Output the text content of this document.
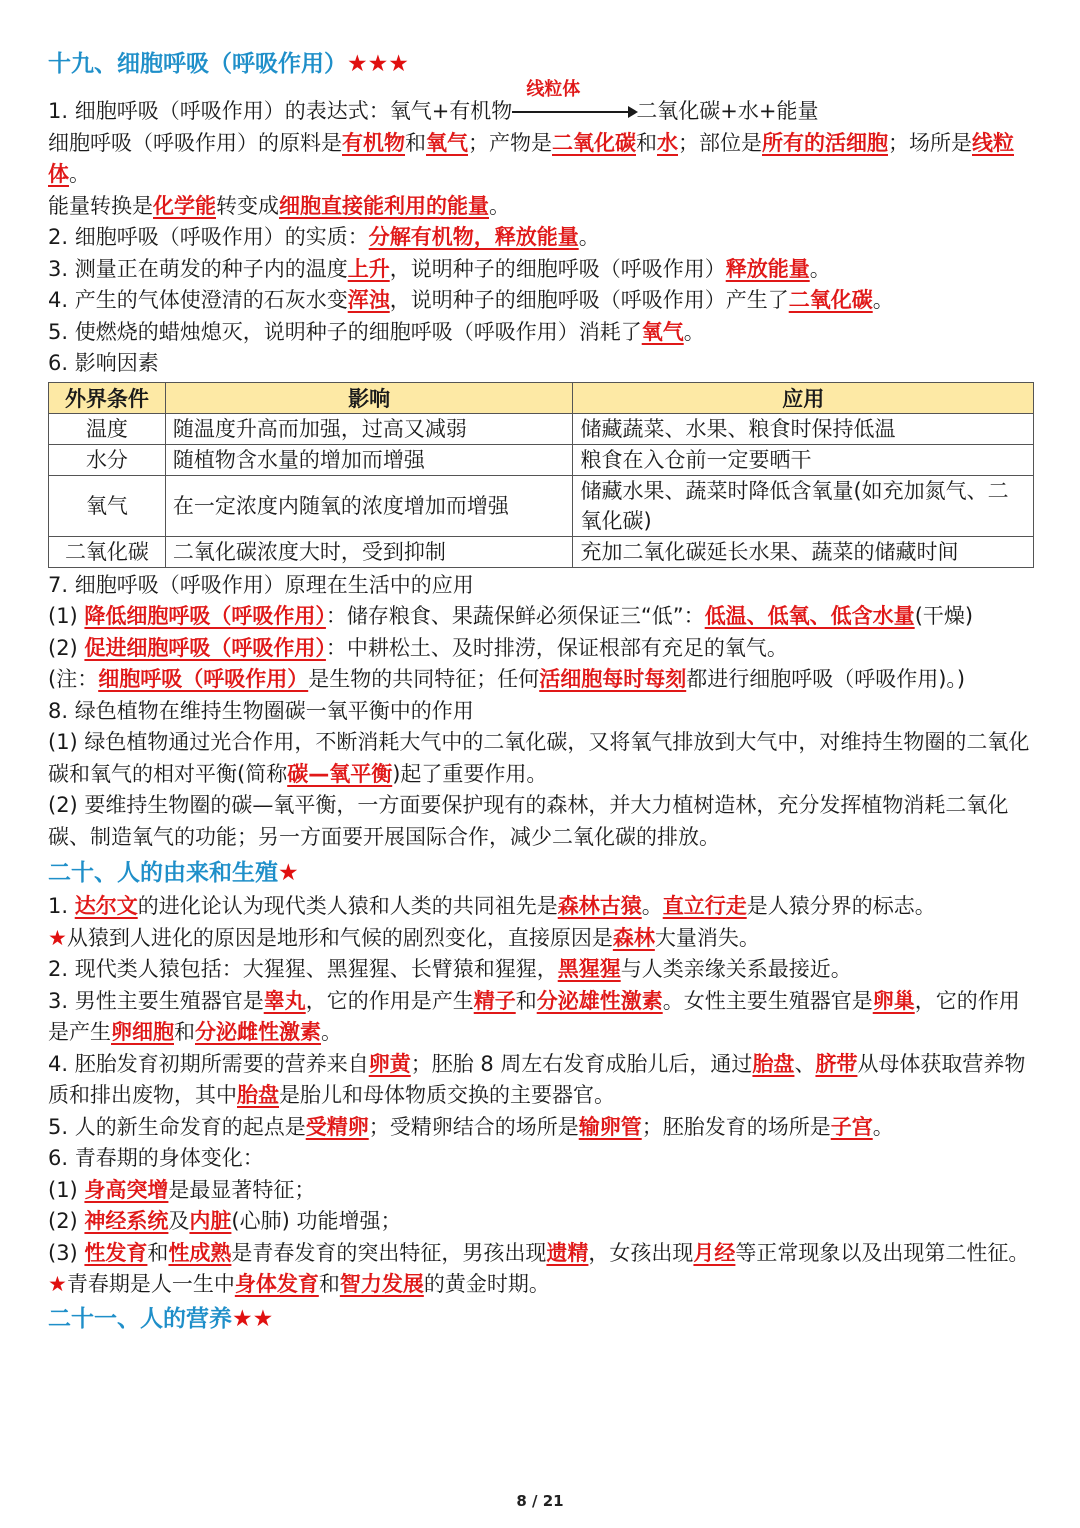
十九、细胞呼吸（呼吸作用）★★★
1. 细胞呼吸（呼吸作用）的表达式：氧气+有机物
线粒体
二氧化碳+水+能量
细胞呼吸（呼吸作用）的原料是有机物和氧气；产物是二氧化碳和水；部位是所有的活细胞；场所是线粒体。
能量转换是化学能转变成细胞直接能利用的能量。
2. 细胞呼吸（呼吸作用）的实质：分解有机物，释放能量。
3. 测量正在萌发的种子内的温度上升，说明种子的细胞呼吸（呼吸作用）释放能量。
4. 产生的气体使澄清的石灰水变浑浊，说明种子的细胞呼吸（呼吸作用）产生了二氧化碳。
5. 使燃烧的蜡烛熄灭，说明种子的细胞呼吸（呼吸作用）消耗了氧气。
6. 影响因素
外界条件	影响	应用
温度	随温度升高而加强，过高又减弱	储藏蔬菜、水果、粮食时保持低温
水分	随植物含水量的增加而增强	粮食在入仓前一定要晒干
氧气	在一定浓度内随氧的浓度增加而增强	储藏水果、蔬菜时降低含氧量(如充加氮气、二氧化碳)
二氧化碳	二氧化碳浓度大时，受到抑制	充加二氧化碳延长水果、蔬菜的储藏时间
7. 细胞呼吸（呼吸作用）原理在生活中的应用
(1) 降低细胞呼吸（呼吸作用）：储存粮食、果蔬保鲜必须保证三“低”：低温、低氧、低含水量(干燥)
(2) 促进细胞呼吸（呼吸作用）：中耕松土、及时排涝，保证根部有充足的氧气。
(注：细胞呼吸（呼吸作用）是生物的共同特征；任何活细胞每时每刻都进行细胞呼吸（呼吸作用)。)
8. 绿色植物在维持生物圈碳一氧平衡中的作用
(1) 绿色植物通过光合作用，不断消耗大气中的二氧化碳，又将氧气排放到大气中，对维持生物圈的二氧化碳和氧气的相对平衡(简称碳—氧平衡)起了重要作用。
(2) 要维持生物圈的碳—氧平衡，一方面要保护现有的森林，并大力植树造林，充分发挥植物消耗二氧化碳、制造氧气的功能；另一方面要开展国际合作，减少二氧化碳的排放。
二十、人的由来和生殖★
1. 达尔文的进化论认为现代类人猿和人类的共同祖先是森林古猿。直立行走是人猿分界的标志。
★从猿到人进化的原因是地形和气候的剧烈变化，直接原因是森林大量消失。
2. 现代类人猿包括：大猩猩、黑猩猩、长臂猿和猩猩，黑猩猩与人类亲缘关系最接近。
3. 男性主要生殖器官是睾丸，它的作用是产生精子和分泌雄性激素。女性主要生殖器官是卵巢，它的作用是产生卵细胞和分泌雌性激素。
4. 胚胎发育初期所需要的营养来自卵黄；胚胎 8 周左右发育成胎儿后，通过胎盘、脐带从母体获取营养物质和排出废物，其中胎盘是胎儿和母体物质交换的主要器官。
5. 人的新生命发育的起点是受精卵；受精卵结合的场所是输卵管；胚胎发育的场所是子宫。
6. 青春期的身体变化：
(1) 身高突增是最显著特征；
(2) 神经系统及内脏(心肺) 功能增强；
(3) 性发育和性成熟是青春发育的突出特征，男孩出现遗精，女孩出现月经等正常现象以及出现第二性征。
★青春期是人一生中身体发育和智力发展的黄金时期。
二十一、人的营养★★
8 / 21
